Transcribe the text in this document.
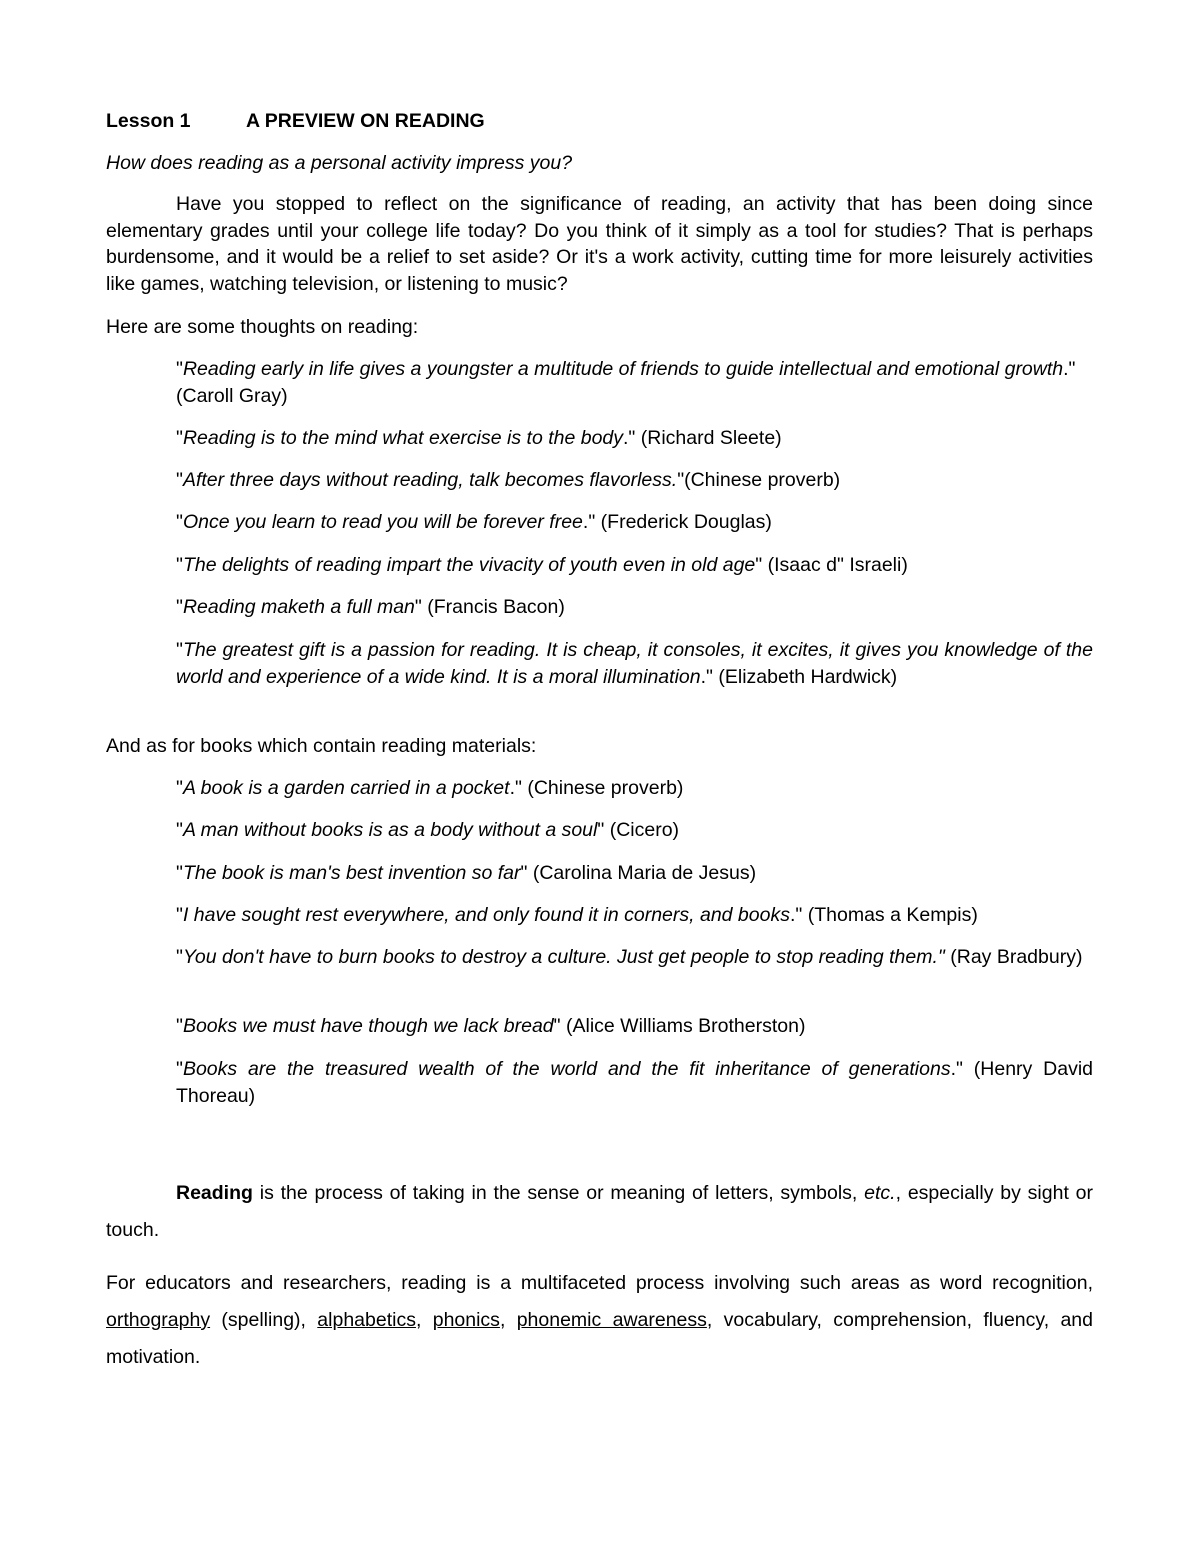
Lesson 1	A PREVIEW ON READING

How does reading as a personal activity impress you?

Have you stopped to reflect on the significance of reading, an activity that has been doing since elementary grades until your college life today? Do you think of it simply as a tool for studies? That is perhaps burdensome, and it would be a relief to set aside? Or it's a work activity, cutting time for more leisurely activities like games, watching television, or listening to music?

Here are some thoughts on reading:

"Reading early in life gives a youngster a multitude of friends to guide intellectual and emotional growth." (Caroll Gray)

"Reading is to the mind what exercise is to the body." (Richard Sleete)

"After three days without reading, talk becomes flavorless."(Chinese proverb)

"Once you learn to read you will be forever free." (Frederick Douglas)

"The delights of reading impart the vivacity of youth even in old age" (Isaac d" Israeli)

"Reading maketh a full man" (Francis Bacon)

"The greatest gift is a passion for reading. It is cheap, it consoles, it excites, it gives you knowledge of the world and experience of a wide kind. It is a moral illumination." (Elizabeth Hardwick)

And as for books which contain reading materials:

"A book is a garden carried in a pocket." (Chinese proverb)

"A man without books is as a body without a soul" (Cicero)

"The book is man's best invention so far" (Carolina Maria de Jesus)

"I have sought rest everywhere, and only found it in corners, and books." (Thomas a Kempis)

"You don't have to burn books to destroy a culture. Just get people to stop reading them." (Ray Bradbury)

"Books we must have though we lack bread" (Alice Williams Brotherston)

"Books are the treasured wealth of the world and the fit inheritance of generations." (Henry David Thoreau)

Reading is the process of taking in the sense or meaning of letters, symbols, etc., especially by sight or touch.

For educators and researchers, reading is a multifaceted process involving such areas as word recognition, orthography (spelling), alphabetics, phonics, phonemic awareness, vocabulary, comprehension, fluency, and motivation.
